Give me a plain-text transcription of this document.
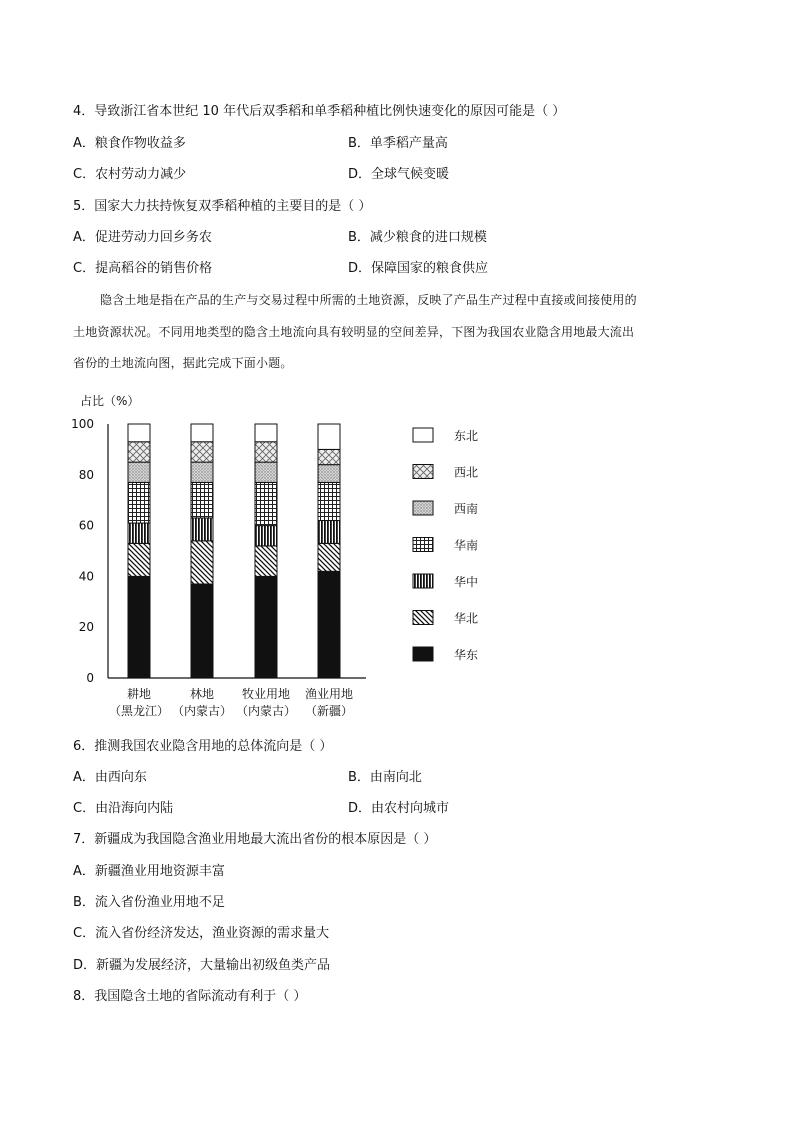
4．导致浙江省本世纪 10 年代后双季稻和单季稻种植比例快速变化的原因可能是（ ）
A．粮食作物收益多	B．单季稻产量高
C．农村劳动力减少	D．全球气候变暖
5．国家大力扶持恢复双季稻种植的主要目的是（ ）
A．促进劳动力回乡务农	B．减少粮食的进口规模
C．提高稻谷的销售价格	D．保障国家的粮食供应
隐含土地是指在产品的生产与交易过程中所需的土地资源，反映了产品生产过程中直接或间接使用的
土地资源状况。不同用地类型的隐含土地流向具有较明显的空间差异，下图为我国农业隐含用地最大流出
省份的土地流向图，据此完成下面小题。
占比（%）
0
20
40
60
80
100
耕地
（黑龙江）
林地
（内蒙古）
牧业用地
（内蒙古）
渔业用地
（新疆）
东北
西北
西南
华南
华中
华北
华东
6．推测我国农业隐含用地的总体流向是（ ）
A．由西向东	B．由南向北
C．由沿海向内陆	D．由农村向城市
7．新疆成为我国隐含渔业用地最大流出省份的根本原因是（ ）
A．新疆渔业用地资源丰富
B．流入省份渔业用地不足
C．流入省份经济发达，渔业资源的需求量大
D．新疆为发展经济，大量输出初级鱼类产品
8．我国隐含土地的省际流动有利于（ ）
